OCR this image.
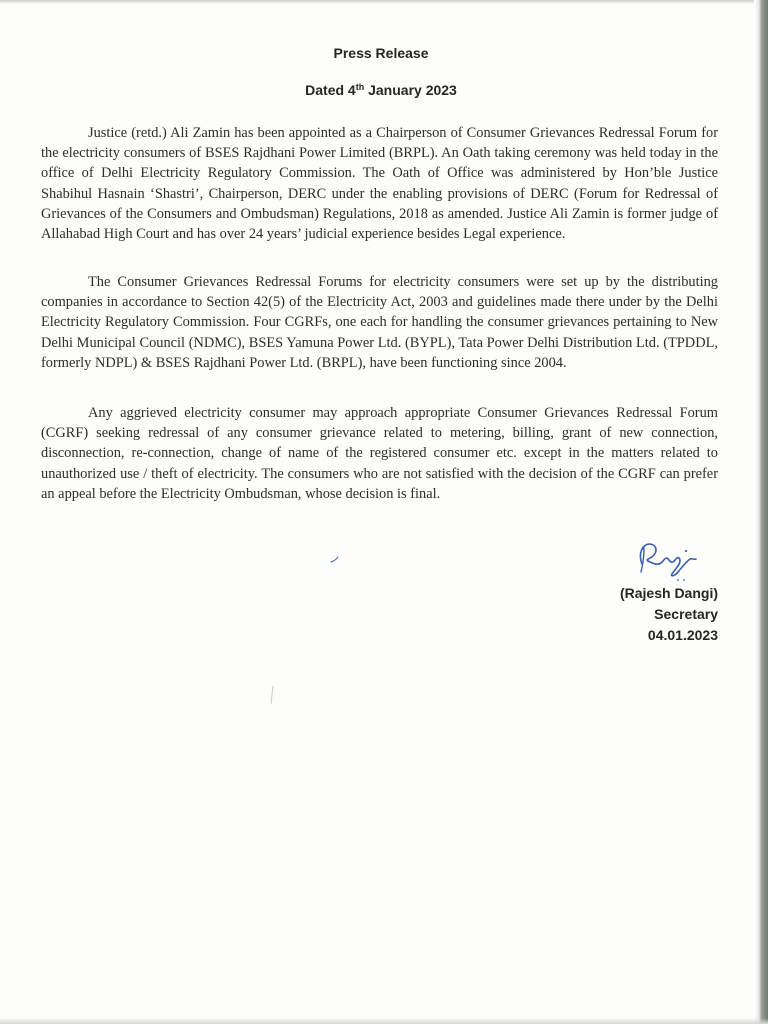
Press Release
Dated 4th January 2023

Justice (retd.) Ali Zamin has been appointed as a Chairperson of Consumer Grievances Redressal Forum for the electricity consumers of BSES Rajdhani Power Limited (BRPL). An Oath taking ceremony was held today in the office of Delhi Electricity Regulatory Commission. The Oath of Office was administered by Hon’ble Justice Shabihul Hasnain ‘Shastri’, Chairperson, DERC under the enabling provisions of DERC (Forum for Redressal of Grievances of the Consumers and Ombudsman) Regulations, 2018 as amended. Justice Ali Zamin is former judge of Allahabad High Court and has over 24 years’ judicial experience besides Legal experience.

The Consumer Grievances Redressal Forums for electricity consumers were set up by the distributing companies in accordance to Section 42(5) of the Electricity Act, 2003 and guidelines made there under by the Delhi Electricity Regulatory Commission. Four CGRFs, one each for handling the consumer grievances pertaining to New Delhi Municipal Council (NDMC), BSES Yamuna Power Ltd. (BYPL), Tata Power Delhi Distribution Ltd. (TPDDL, formerly NDPL) & BSES Rajdhani Power Ltd. (BRPL), have been functioning since 2004.

Any aggrieved electricity consumer may approach appropriate Consumer Grievances Redressal Forum (CGRF) seeking redressal of any consumer grievance related to metering, billing, grant of new connection, disconnection, re-connection, change of name of the registered consumer etc. except in the matters related to unauthorized use / theft of electricity. The consumers who are not satisfied with the decision of the CGRF can prefer an appeal before the Electricity Ombudsman, whose decision is final.

(Rajesh Dangi)
Secretary
04.01.2023
